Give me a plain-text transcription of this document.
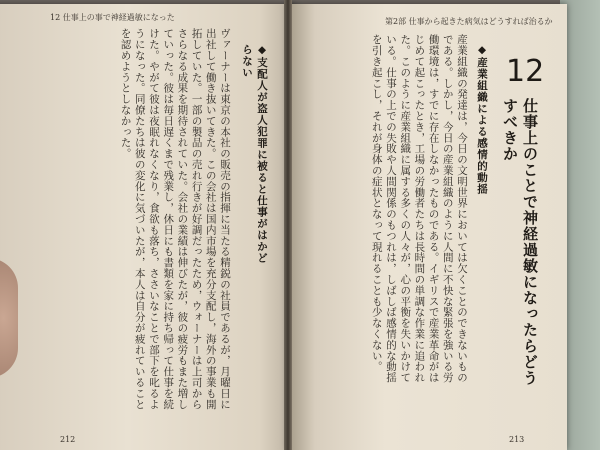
12 仕事上の事で神経過敏になった
◆支配人が盗人犯罪に被ると仕事がはかどらない
ヴァーナーは東京の本社の販売の指揮に当たる精鋭の社員であるが，月曜日に出社して働き抜いてきた。この会社は国内市場を充分支配し，海外の事業も開拓していた。一部の製品の売れ行きが好調だったため，ウォーナーは上司からさらなる成果を期待されていた。会社の業績は伸びたが，彼の疲労もまた増していった。彼は毎日遅くまで残業し，休日にも書類を家に持ち帰って仕事を続けた。やがて彼は夜眠れなくなり，食欲も落ち，ささいなことで部下を叱るようになった。同僚たちは彼の変化に気づいたが，本人は自分が疲れていることを認めようとしなかった。
212
第2部 仕事から起きた病気はどうすれば治るか
◆産業組織による感情的動揺
産業組織の発達は，今日の文明世界においては欠くことのできないものである。しかし，今日の産業組織のように人間に不快な緊張を強いる労働環境は，すでに存在しなかったものである。イギリスで産業革命がはじめて起こったとき，工場の労働者たちは長時間の単調な作業に追われた。このように産業組織に属する多くの人々が，心の平衡を失いかけている。仕事の上での失敗や人間関係のもつれは，しばしば感情的な動揺を引き起こし，それが身体の症状となって現れることも少なくない。
213
12
仕事上のことで神経過敏になったらどうすべきか
